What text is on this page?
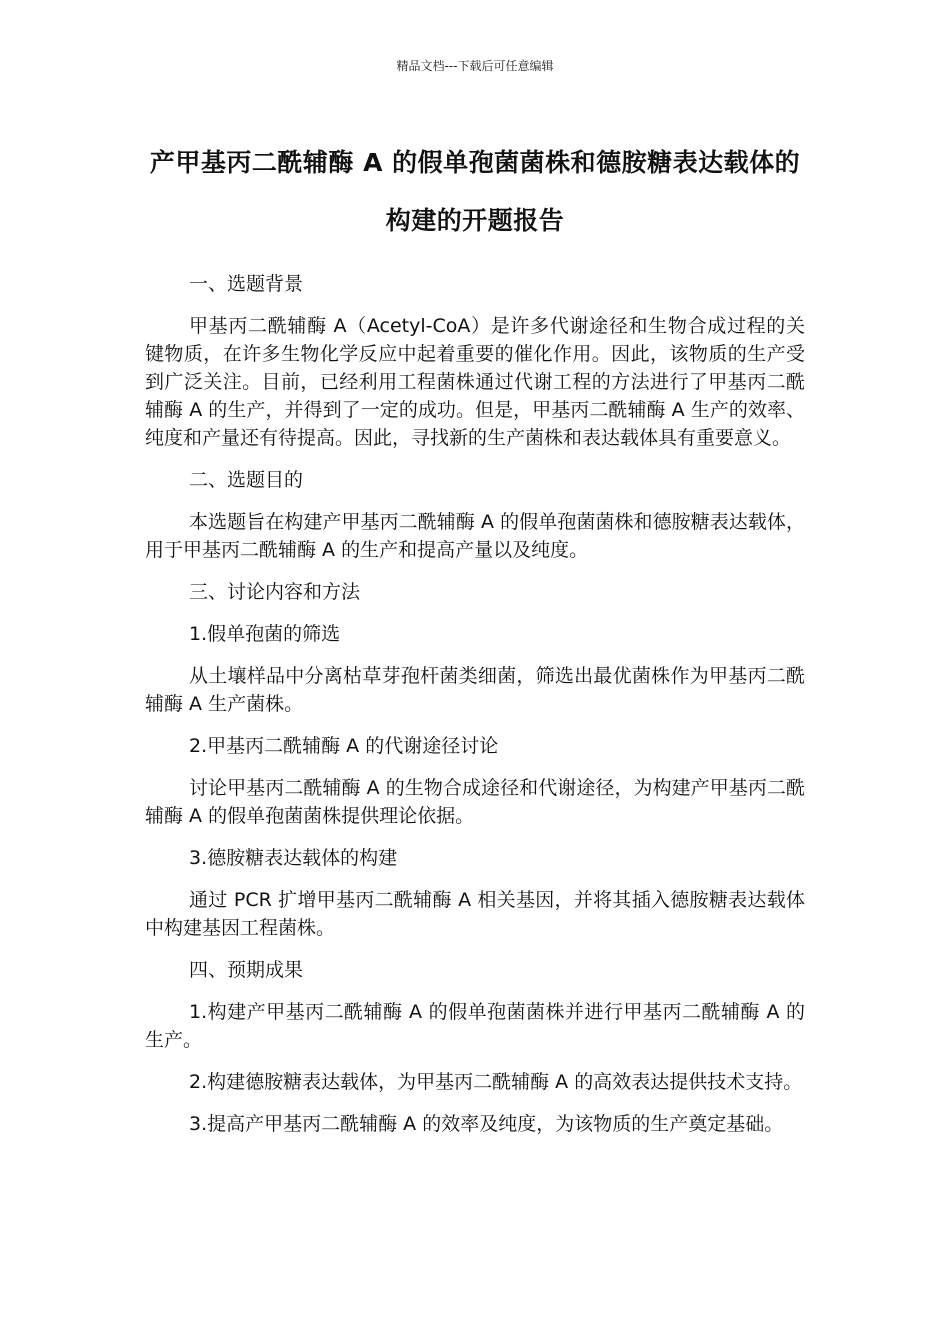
精品文档---下载后可任意编辑
产甲基丙二酰辅酶 A 的假单孢菌菌株和德胺糖表达载体的构建的开题报告
一、选题背景
甲基丙二酰辅酶 A（Acetyl-CoA）是许多代谢途径和生物合成过程的关键物质，在许多生物化学反应中起着重要的催化作用。因此，该物质的生产受到广泛关注。目前，已经利用工程菌株通过代谢工程的方法进行了甲基丙二酰辅酶 A 的生产，并得到了一定的成功。但是，甲基丙二酰辅酶 A 生产的效率、纯度和产量还有待提高。因此，寻找新的生产菌株和表达载体具有重要意义。
二、选题目的
本选题旨在构建产甲基丙二酰辅酶 A 的假单孢菌菌株和德胺糖表达载体，用于甲基丙二酰辅酶 A 的生产和提高产量以及纯度。
三、讨论内容和方法
1.假单孢菌的筛选
从土壤样品中分离枯草芽孢杆菌类细菌，筛选出最优菌株作为甲基丙二酰辅酶 A 生产菌株。
2.甲基丙二酰辅酶 A 的代谢途径讨论
讨论甲基丙二酰辅酶 A 的生物合成途径和代谢途径，为构建产甲基丙二酰辅酶 A 的假单孢菌菌株提供理论依据。
3.德胺糖表达载体的构建
通过 PCR 扩增甲基丙二酰辅酶 A 相关基因，并将其插入德胺糖表达载体中构建基因工程菌株。
四、预期成果
1.构建产甲基丙二酰辅酶 A 的假单孢菌菌株并进行甲基丙二酰辅酶 A 的生产。
2.构建德胺糖表达载体，为甲基丙二酰辅酶 A 的高效表达提供技术支持。
3.提高产甲基丙二酰辅酶 A 的效率及纯度，为该物质的生产奠定基础。
